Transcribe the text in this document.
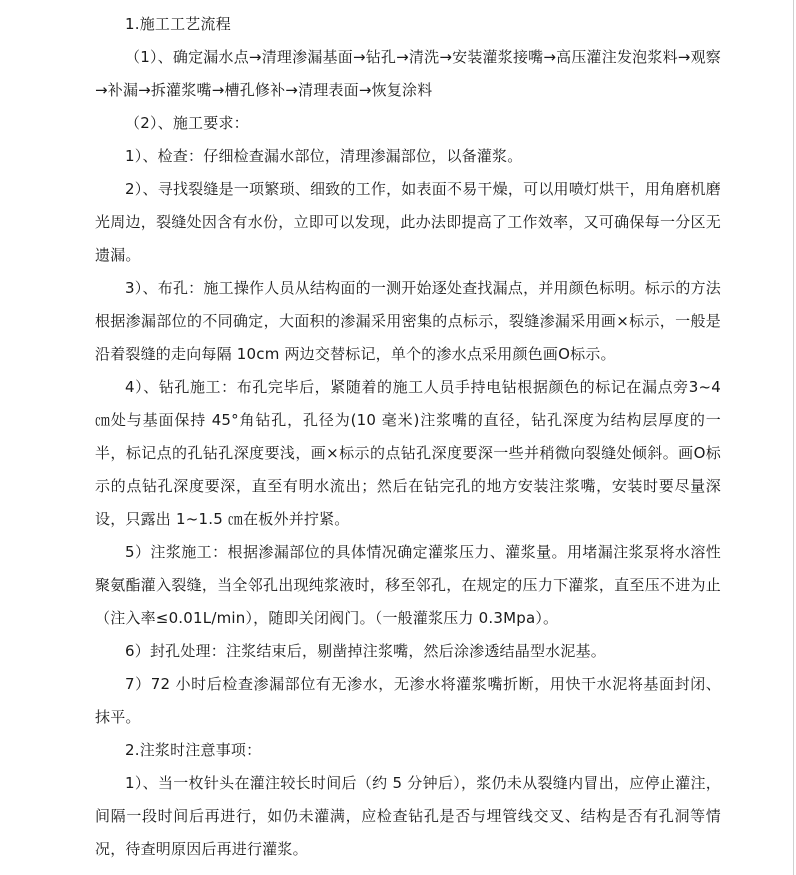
1.施工工艺流程

（1）、确定漏水点→清理渗漏基面→钻孔→清洗→安装灌浆接嘴→高压灌注发泡浆料→观察→补漏→拆灌浆嘴→槽孔修补→清理表面→恢复涂料

（2）、施工要求：

1）、检查：仔细检查漏水部位，清理渗漏部位，以备灌浆。

2）、寻找裂缝是一项繁琐、细致的工作，如表面不易干燥，可以用喷灯烘干，用角磨机磨光周边，裂缝处因含有水份，立即可以发现，此办法即提高了工作效率，又可确保每一分区无遗漏。

3）、布孔：施工操作人员从结构面的一测开始逐处查找漏点，并用颜色标明。标示的方法根据渗漏部位的不同确定，大面积的渗漏采用密集的点标示，裂缝渗漏采用画×标示，一般是沿着裂缝的走向每隔 10cm 两边交替标记，单个的渗水点采用颜色画O标示。

4）、钻孔施工：布孔完毕后，紧随着的施工人员手持电钻根据颜色的标记在漏点旁3~4 ㎝处与基面保持 45°角钻孔，孔径为(10 毫米)注浆嘴的直径，钻孔深度为结构层厚度的一半，标记点的孔钻孔深度要浅，画×标示的点钻孔深度要深一些并稍微向裂缝处倾斜。画O标示的点钻孔深度要深，直至有明水流出；然后在钻完孔的地方安装注浆嘴，安装时要尽量深设，只露出 1~1.5 ㎝在板外并拧紧。

5）注浆施工：根据渗漏部位的具体情况确定灌浆压力、灌浆量。用堵漏注浆泵将水溶性聚氨酯灌入裂缝，当全邻孔出现纯浆液时，移至邻孔，在规定的压力下灌浆，直至压不进为止（注入率≤0.01L/min），随即关闭阀门。（一般灌浆压力 0.3Mpa）。

6）封孔处理：注浆结束后，剔凿掉注浆嘴，然后涂渗透结晶型水泥基。

7）72 小时后检查渗漏部位有无渗水，无渗水将灌浆嘴折断，用快干水泥将基面封闭、抹平。

2.注浆时注意事项：

1）、当一枚针头在灌注较长时间后（约 5 分钟后），浆仍未从裂缝内冒出，应停止灌注，间隔一段时间后再进行，如仍未灌满，应检查钻孔是否与埋管线交叉、结构是否有孔洞等情况，待查明原因后再进行灌浆。
